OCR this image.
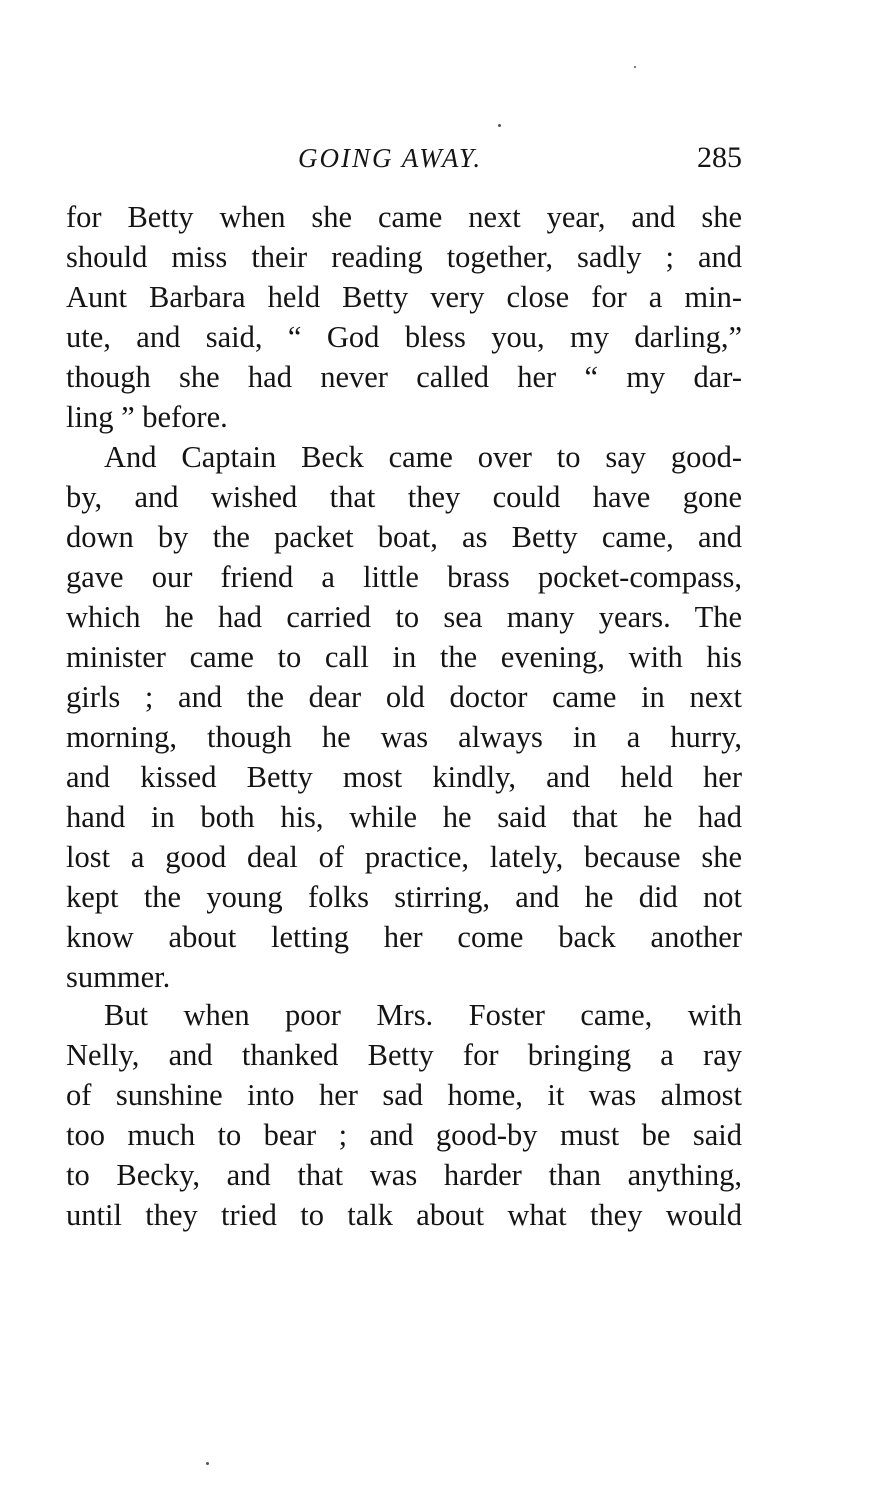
GOING AWAY.	285
for Betty when she came next year, and she
should miss their reading together, sadly ; and
Aunt Barbara held Betty very close for a min-
ute, and said, “ God bless you, my darling,”
though she had never called her “ my dar-
ling ” before.
And Captain Beck came over to say good-
by, and wished that they could have gone
down by the packet boat, as Betty came, and
gave our friend a little brass pocket-compass,
which he had carried to sea many years. The
minister came to call in the evening, with his
girls ; and the dear old doctor came in next
morning, though he was always in a hurry,
and kissed Betty most kindly, and held her
hand in both his, while he said that he had
lost a good deal of practice, lately, because she
kept the young folks stirring, and he did not
know about letting her come back another
summer.
But when poor Mrs. Foster came, with
Nelly, and thanked Betty for bringing a ray
of sunshine into her sad home, it was almost
too much to bear ; and good-by must be said
to Becky, and that was harder than anything,
until they tried to talk about what they would
